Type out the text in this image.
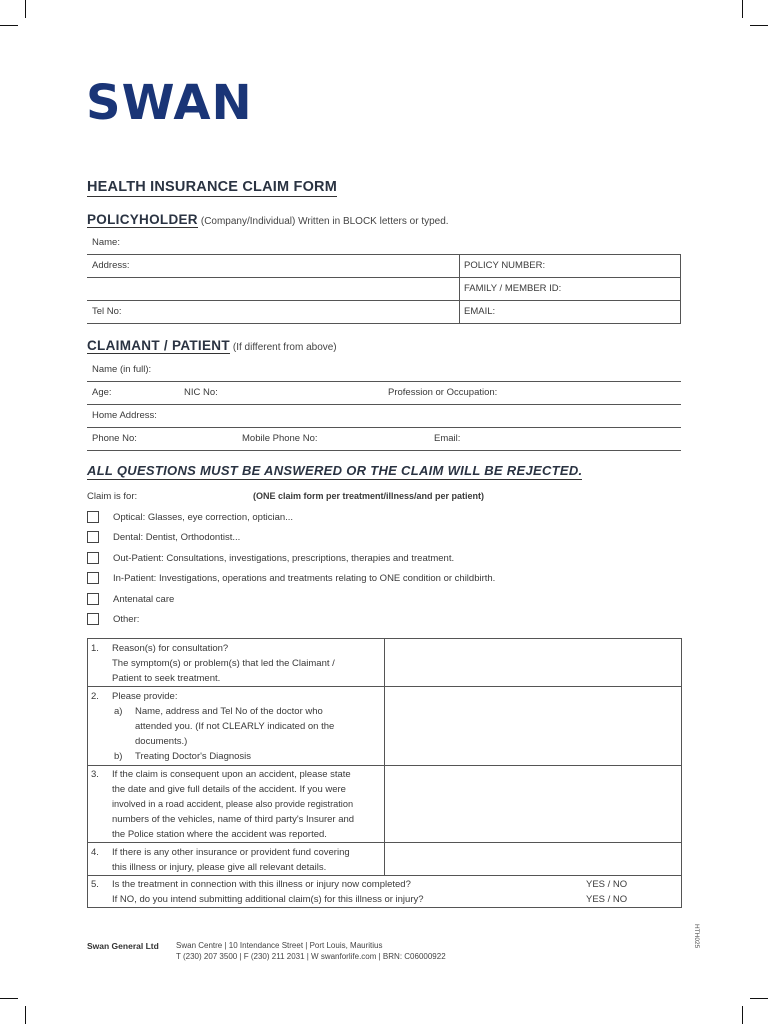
SWAN
HEALTH INSURANCE CLAIM FORM
POLICYHOLDER (Company/Individual) Written in BLOCK letters or typed.
Name:
Address:	POLICY NUMBER:
FAMILY / MEMBER ID:
Tel No:	EMAIL:
CLAIMANT / PATIENT (If different from above)
Name (in full):
Age:	NIC No:	Profession or Occupation:
Home Address:
Phone No:	Mobile Phone No:	Email:
ALL QUESTIONS MUST BE ANSWERED OR THE CLAIM WILL BE REJECTED.
Claim is for:	(ONE claim form per treatment/illness/and per patient)
Optical: Glasses, eye correction, optician...
Dental: Dentist, Orthodontist...
Out-Patient: Consultations, investigations, prescriptions, therapies and treatment.
In-Patient: Investigations, operations and treatments relating to ONE condition or childbirth.
Antenatal care
Other:
1. Reason(s) for consultation?
The symptom(s) or problem(s) that led the Claimant /
Patient to seek treatment.
2. Please provide:
a) Name, address and Tel No of the doctor who
attended you. (If not CLEARLY indicated on the
documents.)
b) Treating Doctor's Diagnosis
3. If the claim is consequent upon an accident, please state
the date and give full details of the accident. If you were
involved in a road accident, please also provide registration
numbers of the vehicles, name of third party's Insurer and
the Police station where the accident was reported.
4. If there is any other insurance or provident fund covering
this illness or injury, please give all relevant details.
5. Is the treatment in connection with this illness or injury now completed?
If NO, do you intend submitting additional claim(s) for this illness or injury?
YES / NO
YES / NO
Swan General Ltd Swan Centre | 10 Intendance Street | Port Louis, Mauritius
T (230) 207 3500 | F (230) 211 2031 | W swanforlife.com | BRN: C06000922
HTH025
